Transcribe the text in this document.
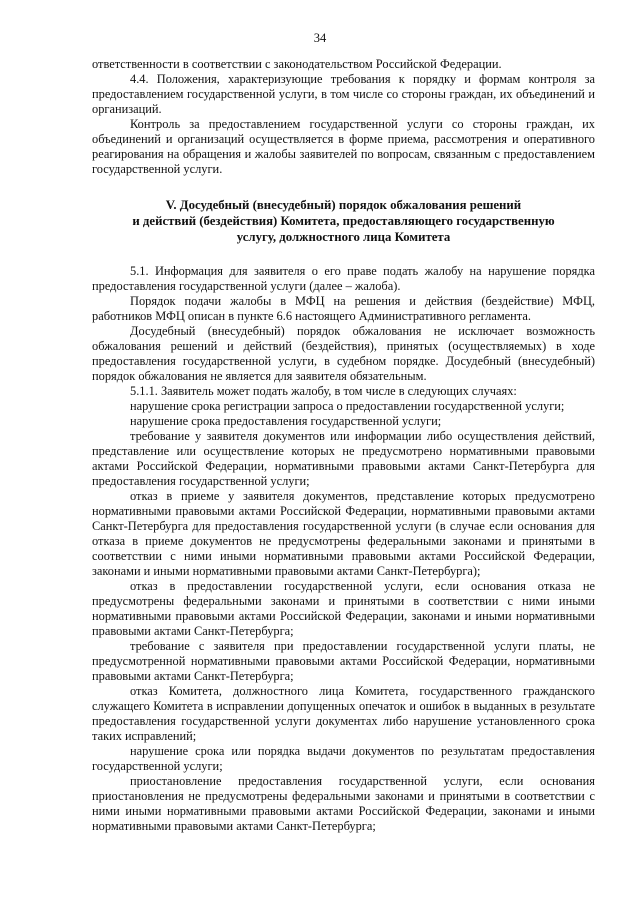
34

ответственности в соответствии с законодательством Российской Федерации.

4.4. Положения, характеризующие требования к порядку и формам контроля за предоставлением государственной услуги, в том числе со стороны граждан, их объединений и организаций.

Контроль за предоставлением государственной услуги со стороны граждан, их объединений и организаций осуществляется в форме приема, рассмотрения и оперативного реагирования на обращения и жалобы заявителей по вопросам, связанным с предоставлением государственной услуги.

V. Досудебный (внесудебный) порядок обжалования решений
и действий (бездействия) Комитета, предоставляющего государственную
услугу, должностного лица Комитета

5.1. Информация для заявителя о его праве подать жалобу на нарушение порядка предоставления государственной услуги (далее – жалоба).

Порядок подачи жалобы в МФЦ на решения и действия (бездействие) МФЦ, работников МФЦ описан в пункте 6.6 настоящего Административного регламента.

Досудебный (внесудебный) порядок обжалования не исключает возможность обжалования решений и действий (бездействия), принятых (осуществляемых) в ходе предоставления государственной услуги, в судебном порядке. Досудебный (внесудебный) порядок обжалования не является для заявителя обязательным.

5.1.1. Заявитель может подать жалобу, в том числе в следующих случаях:

нарушение срока регистрации запроса о предоставлении государственной услуги;

нарушение срока предоставления государственной услуги;

требование у заявителя документов или информации либо осуществления действий, представление или осуществление которых не предусмотрено нормативными правовыми актами Российской Федерации, нормативными правовыми актами Санкт-Петербурга для предоставления государственной услуги;

отказ в приеме у заявителя документов, представление которых предусмотрено нормативными правовыми актами Российской Федерации, нормативными правовыми актами Санкт-Петербурга для предоставления государственной услуги (в случае если основания для отказа в приеме документов не предусмотрены федеральными законами и принятыми в соответствии с ними иными нормативными правовыми актами Российской Федерации, законами и иными нормативными правовыми актами Санкт-Петербурга);

отказ в предоставлении государственной услуги, если основания отказа не предусмотрены федеральными законами и принятыми в соответствии с ними иными нормативными правовыми актами Российской Федерации, законами и иными нормативными правовыми актами Санкт-Петербурга;

требование с заявителя при предоставлении государственной услуги платы, не предусмотренной нормативными правовыми актами Российской Федерации, нормативными правовыми актами Санкт-Петербурга;

отказ Комитета, должностного лица Комитета, государственного гражданского служащего Комитета в исправлении допущенных опечаток и ошибок в выданных в результате предоставления государственной услуги документах либо нарушение установленного срока таких исправлений;

нарушение срока или порядка выдачи документов по результатам предоставления государственной услуги;

приостановление предоставления государственной услуги, если основания приостановления не предусмотрены федеральными законами и принятыми в соответствии с ними иными нормативными правовыми актами Российской Федерации, законами и иными нормативными правовыми актами Санкт-Петербурга;
